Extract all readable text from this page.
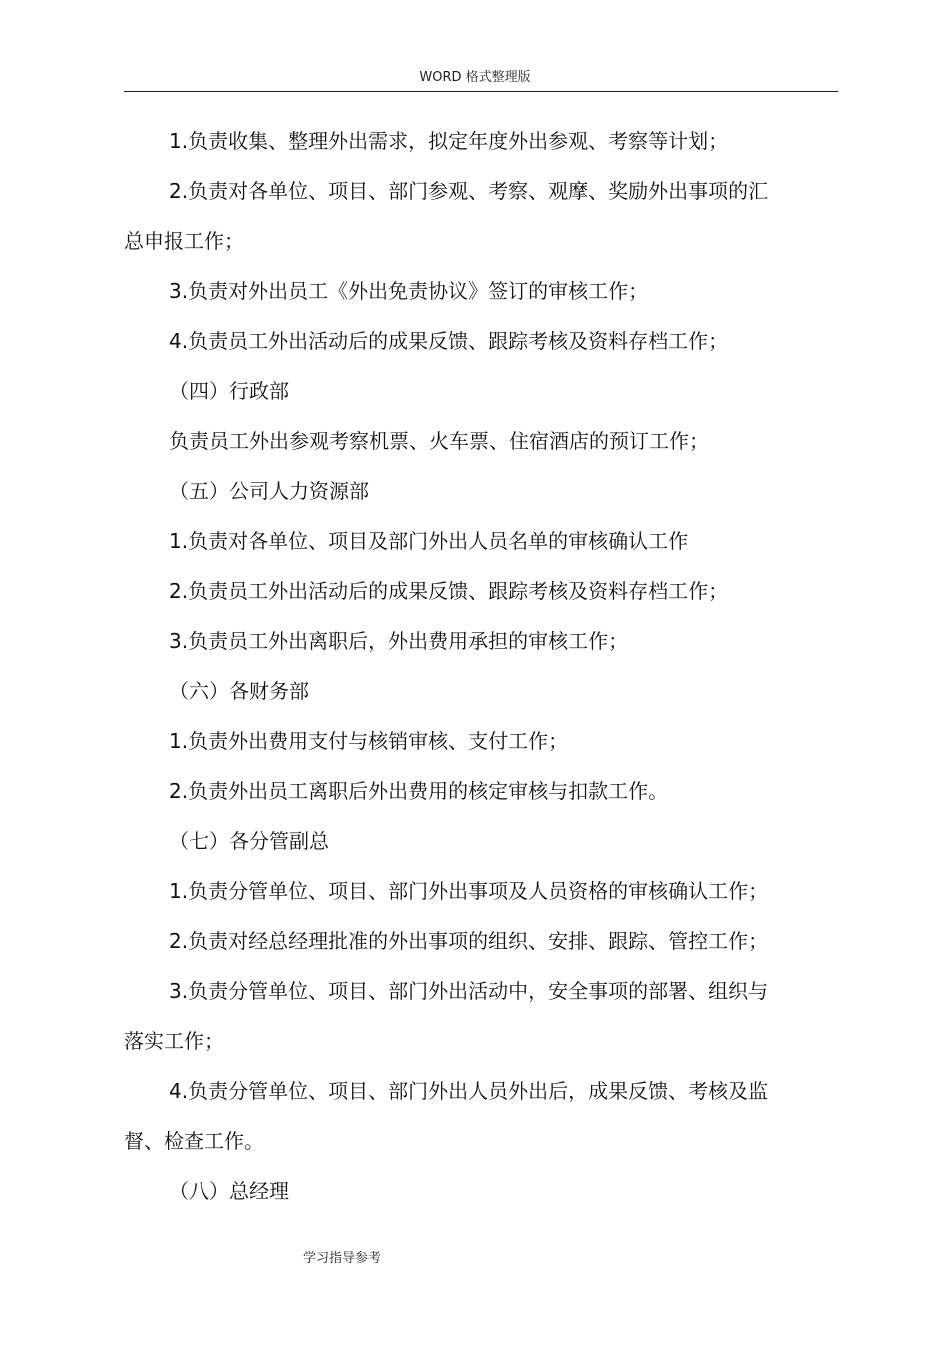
WORD 格式整理版
1.负责收集、整理外出需求，拟定年度外出参观、考察等计划；
2.负责对各单位、项目、部门参观、考察、观摩、奖励外出事项的汇
总申报工作；
3.负责对外出员工《外出免责协议》签订的审核工作；
4.负责员工外出活动后的成果反馈、跟踪考核及资料存档工作；
（四）行政部
负责员工外出参观考察机票、火车票、住宿酒店的预订工作；
（五）公司人力资源部
1.负责对各单位、项目及部门外出人员名单的审核确认工作
2.负责员工外出活动后的成果反馈、跟踪考核及资料存档工作；
3.负责员工外出离职后，外出费用承担的审核工作；
（六）各财务部
1.负责外出费用支付与核销审核、支付工作；
2.负责外出员工离职后外出费用的核定审核与扣款工作。
（七）各分管副总
1.负责分管单位、项目、部门外出事项及人员资格的审核确认工作；
2.负责对经总经理批准的外出事项的组织、安排、跟踪、管控工作；
3.负责分管单位、项目、部门外出活动中，安全事项的部署、组织与
落实工作；
4.负责分管单位、项目、部门外出人员外出后，成果反馈、考核及监
督、检查工作。
（八）总经理
学习指导参考
